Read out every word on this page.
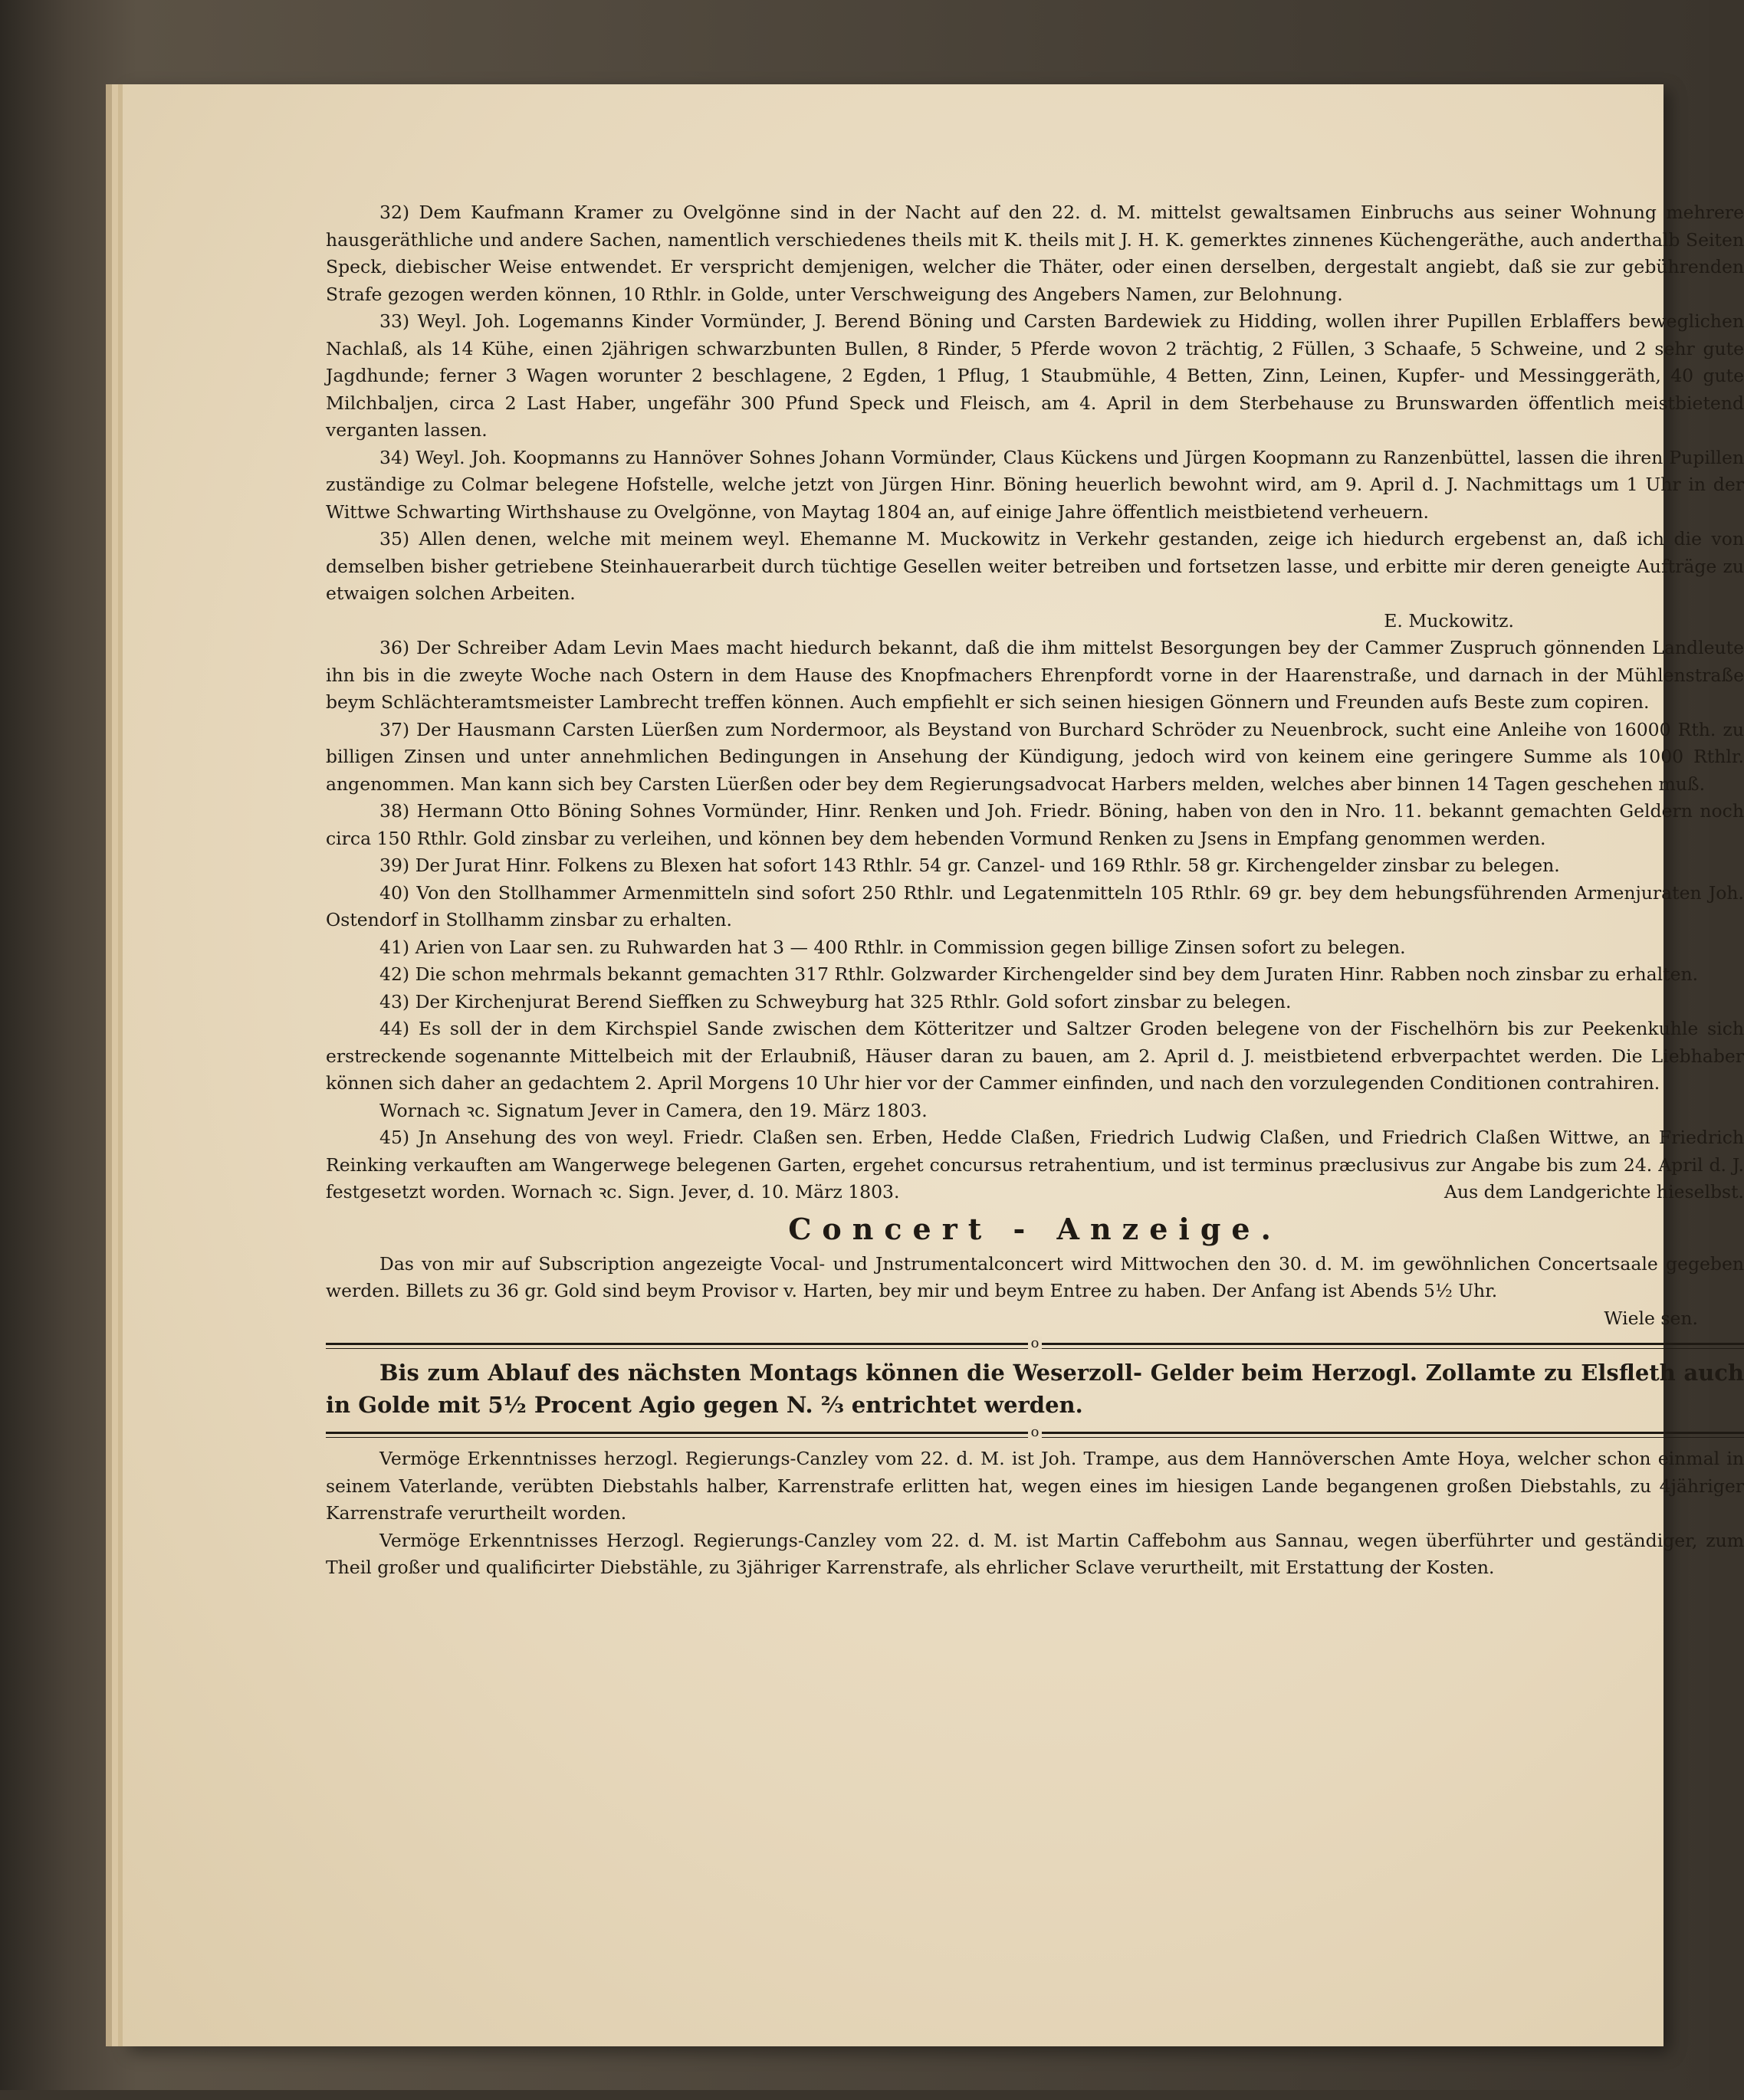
32) Dem Kaufmann Kramer zu Ovelgönne sind in der Nacht auf den 22. d. M. mittelst gewaltsamen Einbruchs aus seiner Wohnung mehrere hausgeräthliche und andere Sachen, namentlich verschiedenes theils mit K. theils mit J. H. K. gemerktes zinnenes Küchengeräthe, auch anderthalb Seiten Speck, diebischer Weise entwendet. Er verspricht demjenigen, welcher die Thäter, oder einen derselben, dergestalt angiebt, daß sie zur gebührenden Strafe gezogen werden können, 10 Rthlr. in Golde, unter Verschweigung des Angebers Namen, zur Belohnung.

33) Weyl. Joh. Logemanns Kinder Vormünder, J. Berend Böning und Carsten Bardewiek zu Hidding, wollen ihrer Pupillen Erblaffers beweglichen Nachlaß, als 14 Kühe, einen 2jährigen schwarzbunten Bullen, 8 Rinder, 5 Pferde wovon 2 trächtig, 2 Füllen, 3 Schaafe, 5 Schweine, und 2 sehr gute Jagdhunde; ferner 3 Wagen worunter 2 beschlagene, 2 Egden, 1 Pflug, 1 Staubmühle, 4 Betten, Zinn, Leinen, Kupfer- und Messinggeräth, 40 gute Milchbaljen, circa 2 Last Haber, ungefähr 300 Pfund Speck und Fleisch, am 4. April in dem Sterbehause zu Brunswarden öffentlich meistbietend verganten lassen.

34) Weyl. Joh. Koopmanns zu Hannöver Sohnes Johann Vormünder, Claus Kückens und Jürgen Koopmann zu Ranzenbüttel, lassen die ihren Pupillen zuständige zu Colmar belegene Hofstelle, welche jetzt von Jürgen Hinr. Böning heuerlich bewohnt wird, am 9. April d. J. Nachmittags um 1 Uhr in der Wittwe Schwarting Wirthshause zu Ovelgönne, von Maytag 1804 an, auf einige Jahre öffentlich meistbietend verheuern.

35) Allen denen, welche mit meinem weyl. Ehemanne M. Muckowitz in Verkehr gestanden, zeige ich hiedurch ergebenst an, daß ich die von demselben bisher getriebene Steinhauerarbeit durch tüchtige Gesellen weiter betreiben und fortsetzen lasse, und erbitte mir deren geneigte Aufträge zu etwaigen solchen Arbeiten.

E. Muckowitz.

36) Der Schreiber Adam Levin Maes macht hiedurch bekannt, daß die ihm mittelst Besorgungen bey der Cammer Zuspruch gönnenden Landleute ihn bis in die zweyte Woche nach Ostern in dem Hause des Knopfmachers Ehrenpfordt vorne in der Haarenstraße, und darnach in der Mühlenstraße beym Schlächteramtsmeister Lambrecht treffen können. Auch empfiehlt er sich seinen hiesigen Gönnern und Freunden aufs Beste zum copiren.

37) Der Hausmann Carsten Lüerßen zum Nordermoor, als Beystand von Burchard Schröder zu Neuenbrock, sucht eine Anleihe von 16000 Rth. zu billigen Zinsen und unter annehmlichen Bedingungen in Ansehung der Kündigung, jedoch wird von keinem eine geringere Summe als 1000 Rthlr. angenommen. Man kann sich bey Carsten Lüerßen oder bey dem Regierungsadvocat Harbers melden, welches aber binnen 14 Tagen geschehen muß.

38) Hermann Otto Böning Sohnes Vormünder, Hinr. Renken und Joh. Friedr. Böning, haben von den in Nro. 11. bekannt gemachten Geldern noch circa 150 Rthlr. Gold zinsbar zu verleihen, und können bey dem hebenden Vormund Renken zu Jsens in Empfang genommen werden.

39) Der Jurat Hinr. Folkens zu Blexen hat sofort 143 Rthlr. 54 gr. Canzel- und 169 Rthlr. 58 gr. Kirchengelder zinsbar zu belegen.

40) Von den Stollhammer Armenmitteln sind sofort 250 Rthlr. und Legatenmitteln 105 Rthlr. 69 gr. bey dem hebungsführenden Armenjuraten Joh. Ostendorf in Stollhamm zinsbar zu erhalten.

41) Arien von Laar sen. zu Ruhwarden hat 3 — 400 Rthlr. in Commission gegen billige Zinsen sofort zu belegen.

42) Die schon mehrmals bekannt gemachten 317 Rthlr. Golzwarder Kirchengelder sind bey dem Juraten Hinr. Rabben noch zinsbar zu erhalten.

43) Der Kirchenjurat Berend Sieffken zu Schweyburg hat 325 Rthlr. Gold sofort zinsbar zu belegen.

44) Es soll der in dem Kirchspiel Sande zwischen dem Kötteritzer und Saltzer Groden belegene von der Fischelhörn bis zur Peekenkuhle sich erstreckende sogenannte Mittelbeich mit der Erlaubniß, Häuser daran zu bauen, am 2. April d. J. meistbietend erbverpachtet werden. Die Liebhaber können sich daher an gedachtem 2. April Morgens 10 Uhr hier vor der Cammer einfinden, und nach den vorzulegenden Conditionen contrahiren.

Wornach ꝛc. Signatum Jever in Camera, den 19. März 1803.

45) Jn Ansehung des von weyl. Friedr. Claßen sen. Erben, Hedde Claßen, Friedrich Ludwig Claßen, und Friedrich Claßen Wittwe, an Friedrich Reinking verkauften am Wangerwege belegenen Garten, ergehet concursus retrahentium, und ist terminus præclusivus zur Angabe bis zum 24. April d. J. festgesetzt worden. Wornach ꝛc. Sign. Jever, d. 10. März 1803.	Aus dem Landgerichte hieselbst.

Concert - Anzeige.

Das von mir auf Subscription angezeigte Vocal- und Jnstrumentalconcert wird Mittwochen den 30. d. M. im gewöhnlichen Concertsaale gegeben werden. Billets zu 36 gr. Gold sind beym Provisor v. Harten, bey mir und beym Entree zu haben. Der Anfang ist Abends 5½ Uhr.

Wiele sen.

o

Bis zum Ablauf des nächsten Montags können die Weserzoll- Gelder beim Herzogl. Zollamte zu Elsfleth auch in Golde mit 5½ Procent Agio gegen N. ⅔ entrichtet werden.

o

Vermöge Erkenntnisses herzogl. Regierungs-Canzley vom 22. d. M. ist Joh. Trampe, aus dem Hannöverschen Amte Hoya, welcher schon einmal in seinem Vaterlande, verübten Diebstahls halber, Karrenstrafe erlitten hat, wegen eines im hiesigen Lande begangenen großen Diebstahls, zu 4jähriger Karrenstrafe verurtheilt worden.

Vermöge Erkenntnisses Herzogl. Regierungs-Canzley vom 22. d. M. ist Martin Caffebohm aus Sannau, wegen überführter und geständiger, zum Theil großer und qualificirter Diebstähle, zu 3jähriger Karrenstrafe, als ehrlicher Sclave verurtheilt, mit Erstattung der Kosten.
